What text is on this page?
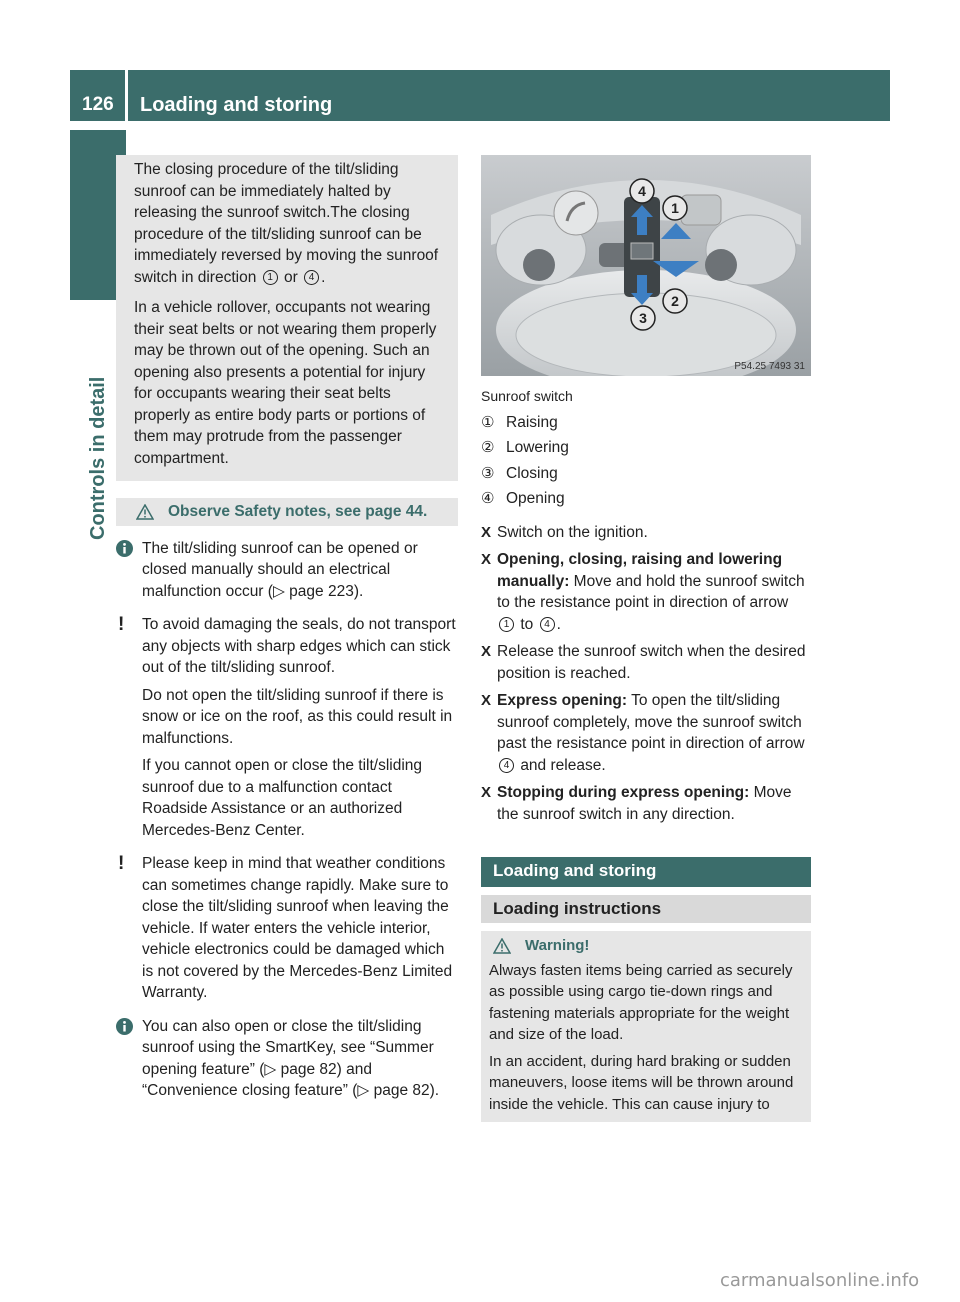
126	Loading and storing
Controls in detail

The closing procedure of the tilt/sliding sunroof can be immediately halted by releasing the sunroof switch.The closing procedure of the tilt/sliding sunroof can be immediately reversed by moving the sunroof switch in direction 1 or 4 .

In a vehicle rollover, occupants not wearing their seat belts or not wearing them properly may be thrown out of the opening. Such an opening also presents a potential for injury for occupants wearing their seat belts properly as entire body parts or portions of them may protrude from the passenger compartment.

Observe Safety notes, see page 44.

The tilt/sliding sunroof can be opened or closed manually should an electrical malfunction occur (▷ page 223).

! To avoid damaging the seals, do not transport any objects with sharp edges which can stick out of the tilt/sliding sunroof.

Do not open the tilt/sliding sunroof if there is snow or ice on the roof, as this could result in malfunctions.

If you cannot open or close the tilt/sliding sunroof due to a malfunction contact Roadside Assistance or an authorized Mercedes-Benz Center.

! Please keep in mind that weather conditions can sometimes change rapidly. Make sure to close the tilt/sliding sunroof when leaving the vehicle. If water enters the vehicle interior, vehicle electronics could be damaged which is not covered by the Mercedes-Benz Limited Warranty.

You can also open or close the tilt/sliding sunroof using the SmartKey, see “Summer opening feature” (▷ page 82) and “Convenience closing feature” (▷ page 82).

4
1
2
3
P54.25 7493 31
Sunroof switch
① Raising
② Lowering
③ Closing
④ Opening
X Switch on the ignition.
X Opening, closing, raising and lowering manually: Move and hold the sunroof switch to the resistance point in direction of arrow 1 to 4 .
X Release the sunroof switch when the desired position is reached.
X Express opening: To open the tilt/sliding sunroof completely, move the sunroof switch past the resistance point in direction of arrow 4 and release.
X Stopping during express opening: Move the sunroof switch in any direction.
Loading and storing
Loading instructions
Warning!

Always fasten items being carried as securely as possible using cargo tie-down rings and fastening materials appropriate for the weight and size of the load.

In an accident, during hard braking or sudden maneuvers, loose items will be thrown around inside the vehicle. This can cause injury to

carmanualsonline.info
